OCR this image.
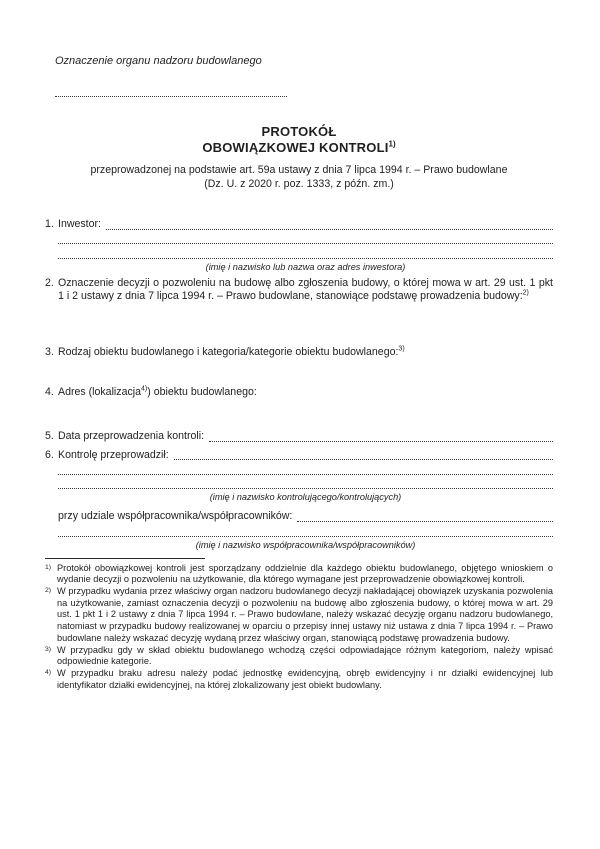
Oznaczenie organu nadzoru budowlanego
PROTOKÓŁ
OBOWIĄZKOWEJ KONTROLI$^{1)}$
przeprowadzonej na podstawie art. 59a ustawy z dnia 7 lipca 1994 r. – Prawo budowlane
(Dz. U. z 2020 r. poz. 1333, z późn. zm.)
1. Inwestor:
(imię i nazwisko lub nazwa oraz adres inwestora)
2. Oznaczenie decyzji o pozwoleniu na budowę albo zgłoszenia budowy, o której mowa w art. 29 ust. 1 pkt 1 i 2 ustawy z dnia 7 lipca 1994 r. – Prawo budowlane, stanowiące podstawę prowadzenia budowy:$^{2)}$
3. Rodzaj obiektu budowlanego i kategoria/kategorie obiektu budowlanego:$^{3)}$
4. Adres (lokalizacja$^{4)}$) obiektu budowlanego:
5. Data przeprowadzenia kontroli:
6. Kontrolę przeprowadził:
(imię i nazwisko kontrolującego/kontrolujących)
przy udziale współpracownika/współpracowników:
(imię i nazwisko współpracownika/współpracowników)
1) Protokół obowiązkowej kontroli jest sporządzany oddzielnie dla każdego obiektu budowlanego, objętego wnioskiem o wydanie decyzji o pozwoleniu na użytkowanie, dla którego wymagane jest przeprowadzenie obowiązkowej kontroli.
2) W przypadku wydania przez właściwy organ nadzoru budowlanego decyzji nakładającej obowiązek uzyskania pozwolenia na użytkowanie, zamiast oznaczenia decyzji o pozwoleniu na budowę albo zgłoszenia budowy, o której mowa w art. 29 ust. 1 pkt 1 i 2 ustawy z dnia 7 lipca 1994 r. – Prawo budowlane, należy wskazać decyzję organu nadzoru budowlanego, natomiast w przypadku budowy realizowanej w oparciu o przepisy innej ustawy niż ustawa z dnia 7 lipca 1994 r. – Prawo budowlane należy wskazać decyzję wydaną przez właściwy organ, stanowiącą podstawę prowadzenia budowy.
3) W przypadku gdy w skład obiektu budowlanego wchodzą części odpowiadające różnym kategoriom, należy wpisać odpowiednie kategorie.
4) W przypadku braku adresu należy podać jednostkę ewidencyjną, obręb ewidencyjny i nr działki ewidencyjnej lub identyfikator działki ewidencyjnej, na której zlokalizowany jest obiekt budowlany.
